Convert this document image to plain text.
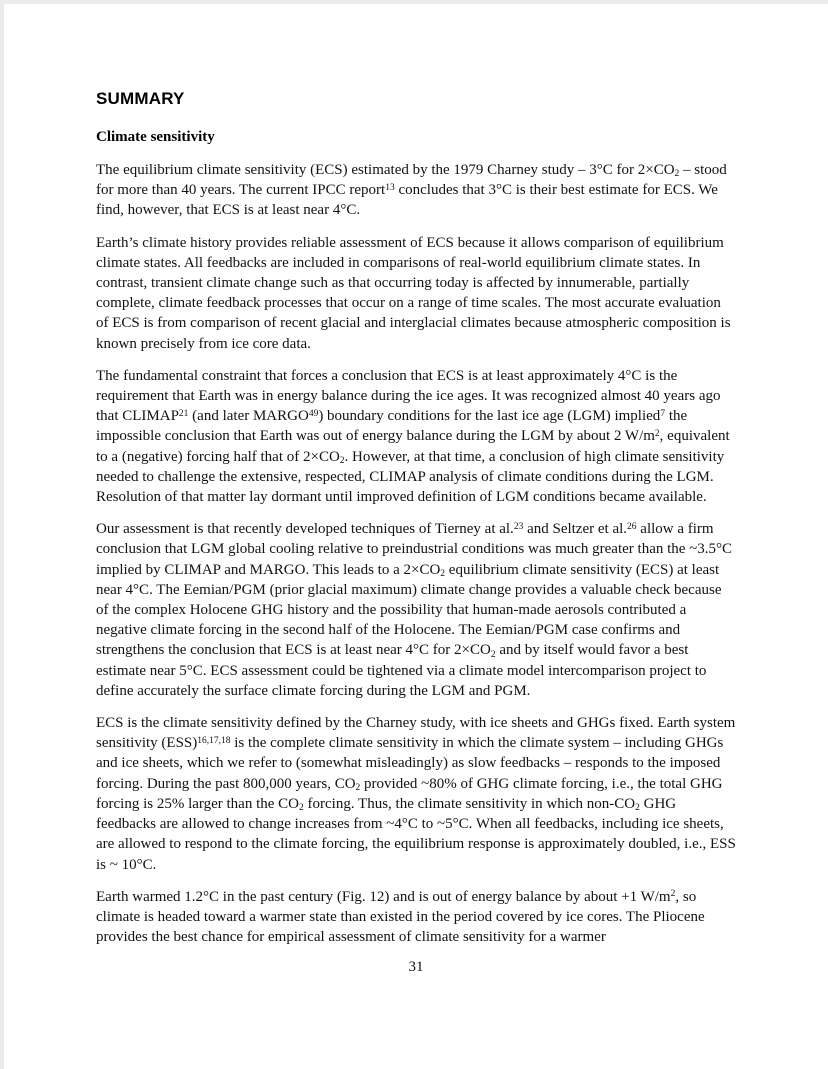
SUMMARY
Climate sensitivity

The equilibrium climate sensitivity (ECS) estimated by the 1979 Charney study – 3°C for $2\times CO_2$ – stood for more than 40 years. The current IPCC report$^{13}$ concludes that 3°C is their best estimate for ECS. We find, however, that ECS is at least near 4°C.

Earth’s climate history provides reliable assessment of ECS because it allows comparison of equilibrium climate states. All feedbacks are included in comparisons of real-world equilibrium climate states. In contrast, transient climate change such as that occurring today is affected by innumerable, partially complete, climate feedback processes that occur on a range of time scales. The most accurate evaluation of ECS is from comparison of recent glacial and interglacial climates because atmospheric composition is known precisely from ice core data.

The fundamental constraint that forces a conclusion that ECS is at least approximately 4°C is the requirement that Earth was in energy balance during the ice ages. It was recognized almost 40 years ago that CLIMAP$^{21}$ (and later MARGO$^{49}$) boundary conditions for the last ice age (LGM) implied$^7$ the impossible conclusion that Earth was out of energy balance during the LGM by about 2 $W/m^2$, equivalent to a (negative) forcing half that of $2\times CO_2$. However, at that time, a conclusion of high climate sensitivity needed to challenge the extensive, respected, CLIMAP analysis of climate conditions during the LGM. Resolution of that matter lay dormant until improved definition of LGM conditions became available.

Our assessment is that recently developed techniques of Tierney at al.$^{23}$ and Seltzer et al.$^{26}$ allow a firm conclusion that LGM global cooling relative to preindustrial conditions was much greater than the ~3.5°C implied by CLIMAP and MARGO. This leads to a $2\times CO_2$ equilibrium climate sensitivity (ECS) at least near 4°C. The Eemian/PGM (prior glacial maximum) climate change provides a valuable check because of the complex Holocene GHG history and the possibility that human-made aerosols contributed a negative climate forcing in the second half of the Holocene. The Eemian/PGM case confirms and strengthens the conclusion that ECS is at least near 4°C for $2\times CO_2$ and by itself would favor a best estimate near 5°C. ECS assessment could be tightened via a climate model intercomparison project to define accurately the surface climate forcing during the LGM and PGM.

ECS is the climate sensitivity defined by the Charney study, with ice sheets and GHGs fixed. Earth system sensitivity (ESS)$^{16,17,18}$ is the complete climate sensitivity in which the climate system – including GHGs and ice sheets, which we refer to (somewhat misleadingly) as slow feedbacks – responds to the imposed forcing. During the past 800,000 years, $CO_2$ provided ~80% of GHG climate forcing, i.e., the total GHG forcing is 25% larger than the $CO_2$ forcing. Thus, the climate sensitivity in which non-$CO_2$ GHG feedbacks are allowed to change increases from ~4°C to ~5°C. When all feedbacks, including ice sheets, are allowed to respond to the climate forcing, the equilibrium response is approximately doubled, i.e., ESS is ~ 10°C.

Earth warmed 1.2°C in the past century (Fig. 12) and is out of energy balance by about +1 $W/m^2$, so climate is headed toward a warmer state than existed in the period covered by ice cores. The Pliocene provides the best chance for empirical assessment of climate sensitivity for a warmer

31
